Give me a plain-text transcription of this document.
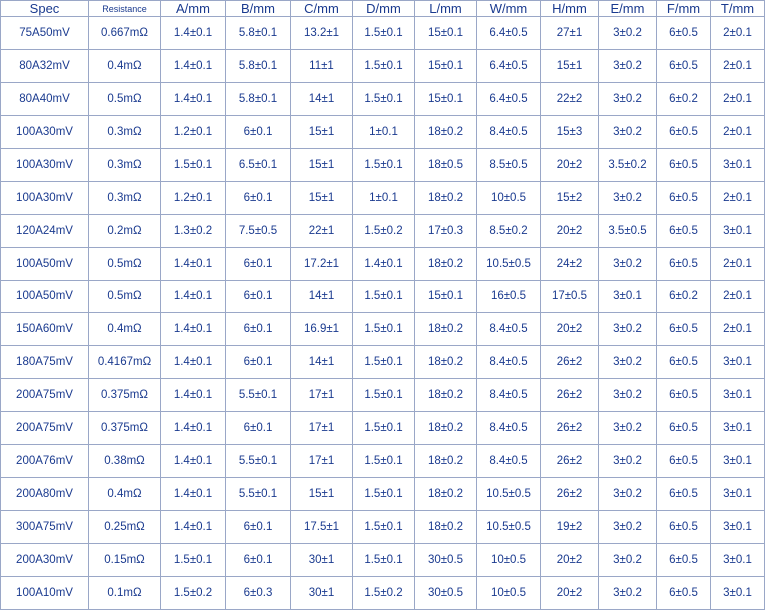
Spec	Resistance	A/mm	B/mm	C/mm	D/mm	L/mm	W/mm	H/mm	E/mm	F/mm	T/mm
75A50mV	0.667mΩ	1.4±0.1	5.8±0.1	13.2±1	1.5±0.1	15±0.1	6.4±0.5	27±1	3±0.2	6±0.5	2±0.1
80A32mV	0.4mΩ	1.4±0.1	5.8±0.1	11±1	1.5±0.1	15±0.1	6.4±0.5	15±1	3±0.2	6±0.5	2±0.1
80A40mV	0.5mΩ	1.4±0.1	5.8±0.1	14±1	1.5±0.1	15±0.1	6.4±0.5	22±2	3±0.2	6±0.2	2±0.1
100A30mV	0.3mΩ	1.2±0.1	6±0.1	15±1	1±0.1	18±0.2	8.4±0.5	15±3	3±0.2	6±0.5	2±0.1
100A30mV	0.3mΩ	1.5±0.1	6.5±0.1	15±1	1.5±0.1	18±0.5	8.5±0.5	20±2	3.5±0.2	6±0.5	3±0.1
100A30mV	0.3mΩ	1.2±0.1	6±0.1	15±1	1±0.1	18±0.2	10±0.5	15±2	3±0.2	6±0.5	2±0.1
120A24mV	0.2mΩ	1.3±0.2	7.5±0.5	22±1	1.5±0.2	17±0.3	8.5±0.2	20±2	3.5±0.5	6±0.5	3±0.1
100A50mV	0.5mΩ	1.4±0.1	6±0.1	17.2±1	1.4±0.1	18±0.2	10.5±0.5	24±2	3±0.2	6±0.5	2±0.1
100A50mV	0.5mΩ	1.4±0.1	6±0.1	14±1	1.5±0.1	15±0.1	16±0.5	17±0.5	3±0.1	6±0.2	2±0.1
150A60mV	0.4mΩ	1.4±0.1	6±0.1	16.9±1	1.5±0.1	18±0.2	8.4±0.5	20±2	3±0.2	6±0.5	2±0.1
180A75mV	0.4167mΩ	1.4±0.1	6±0.1	14±1	1.5±0.1	18±0.2	8.4±0.5	26±2	3±0.2	6±0.5	3±0.1
200A75mV	0.375mΩ	1.4±0.1	5.5±0.1	17±1	1.5±0.1	18±0.2	8.4±0.5	26±2	3±0.2	6±0.5	3±0.1
200A75mV	0.375mΩ	1.4±0.1	6±0.1	17±1	1.5±0.1	18±0.2	8.4±0.5	26±2	3±0.2	6±0.5	3±0.1
200A76mV	0.38mΩ	1.4±0.1	5.5±0.1	17±1	1.5±0.1	18±0.2	8.4±0.5	26±2	3±0.2	6±0.5	3±0.1
200A80mV	0.4mΩ	1.4±0.1	5.5±0.1	15±1	1.5±0.1	18±0.2	10.5±0.5	26±2	3±0.2	6±0.5	3±0.1
300A75mV	0.25mΩ	1.4±0.1	6±0.1	17.5±1	1.5±0.1	18±0.2	10.5±0.5	19±2	3±0.2	6±0.5	3±0.1
200A30mV	0.15mΩ	1.5±0.1	6±0.1	30±1	1.5±0.1	30±0.5	10±0.5	20±2	3±0.2	6±0.5	3±0.1
100A10mV	0.1mΩ	1.5±0.2	6±0.3	30±1	1.5±0.2	30±0.5	10±0.5	20±2	3±0.2	6±0.5	3±0.1
